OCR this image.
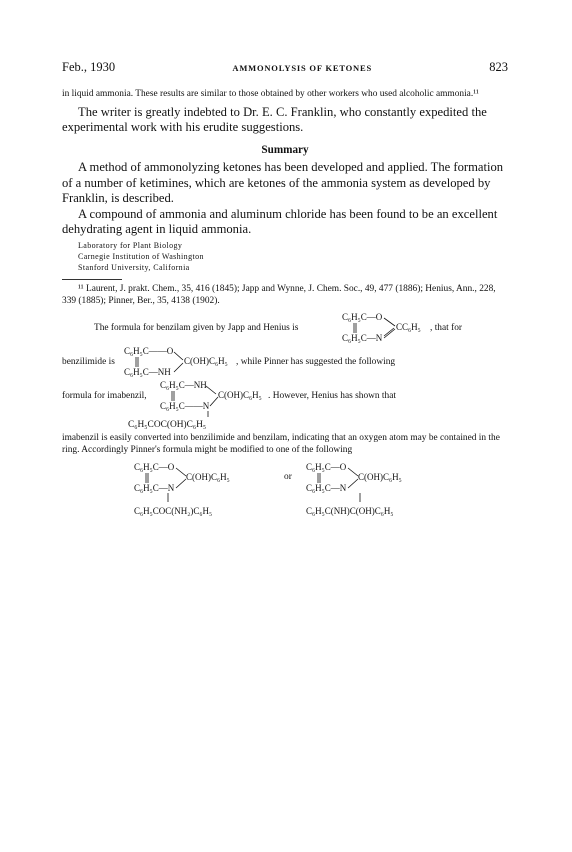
Feb., 1930	AMMONOLYSIS OF KETONES	823
in liquid ammonia. These results are similar to those obtained by other workers who used alcoholic ammonia.¹¹
The writer is greatly indebted to Dr. E. C. Franklin, who constantly expedited the experimental work with his erudite suggestions.
Summary
A method of ammonolyzing ketones has been developed and applied. The formation of a number of ketimines, which are ketones of the ammonia system as developed by Franklin, is described.
A compound of ammonia and aluminum chloride has been found to be an excellent dehydrating agent in liquid ammonia.
Laboratory for Plant Biology
Carnegie Institution of Washington
Stanford University, California
¹¹ Laurent, J. prakt. Chem., 35, 416 (1845); Japp and Wynne, J. Chem. Soc., 49, 477 (1886); Henius, Ann., 228, 339 (1885); Pinner, Ber., 35, 4138 (1902).
The formula for benzilam given by Japp and Henius is
C₆H₅C—O
C₆H₅C—N
CC₆H₅ , that for
benzilimide is
C₆H₅C——O
C₆H₅C—NH
C(OH)C₆H₅ , while Pinner has suggested the following
formula for imabenzil,
C₆H₅C—NH
C₆H₅C——N
C(OH)C₆H₅ . However, Henius has shown that
C₆H₅COC(OH)C₆H₅
imabenzil is easily converted into benzilimide and benzilam, indicating that an oxygen atom may be contained in the ring. Accordingly Pinner's formula might be modified to one of the following
C₆H₅C—O
C₆H₅C—N
C(OH)C₆H₅
C₆H₅COC(NH₂)C₆H₅
or
C₆H₅C—O
C₆H₅C—N
C(OH)C₆H₅
C₆H₅C(NH)C(OH)C₆H₅
